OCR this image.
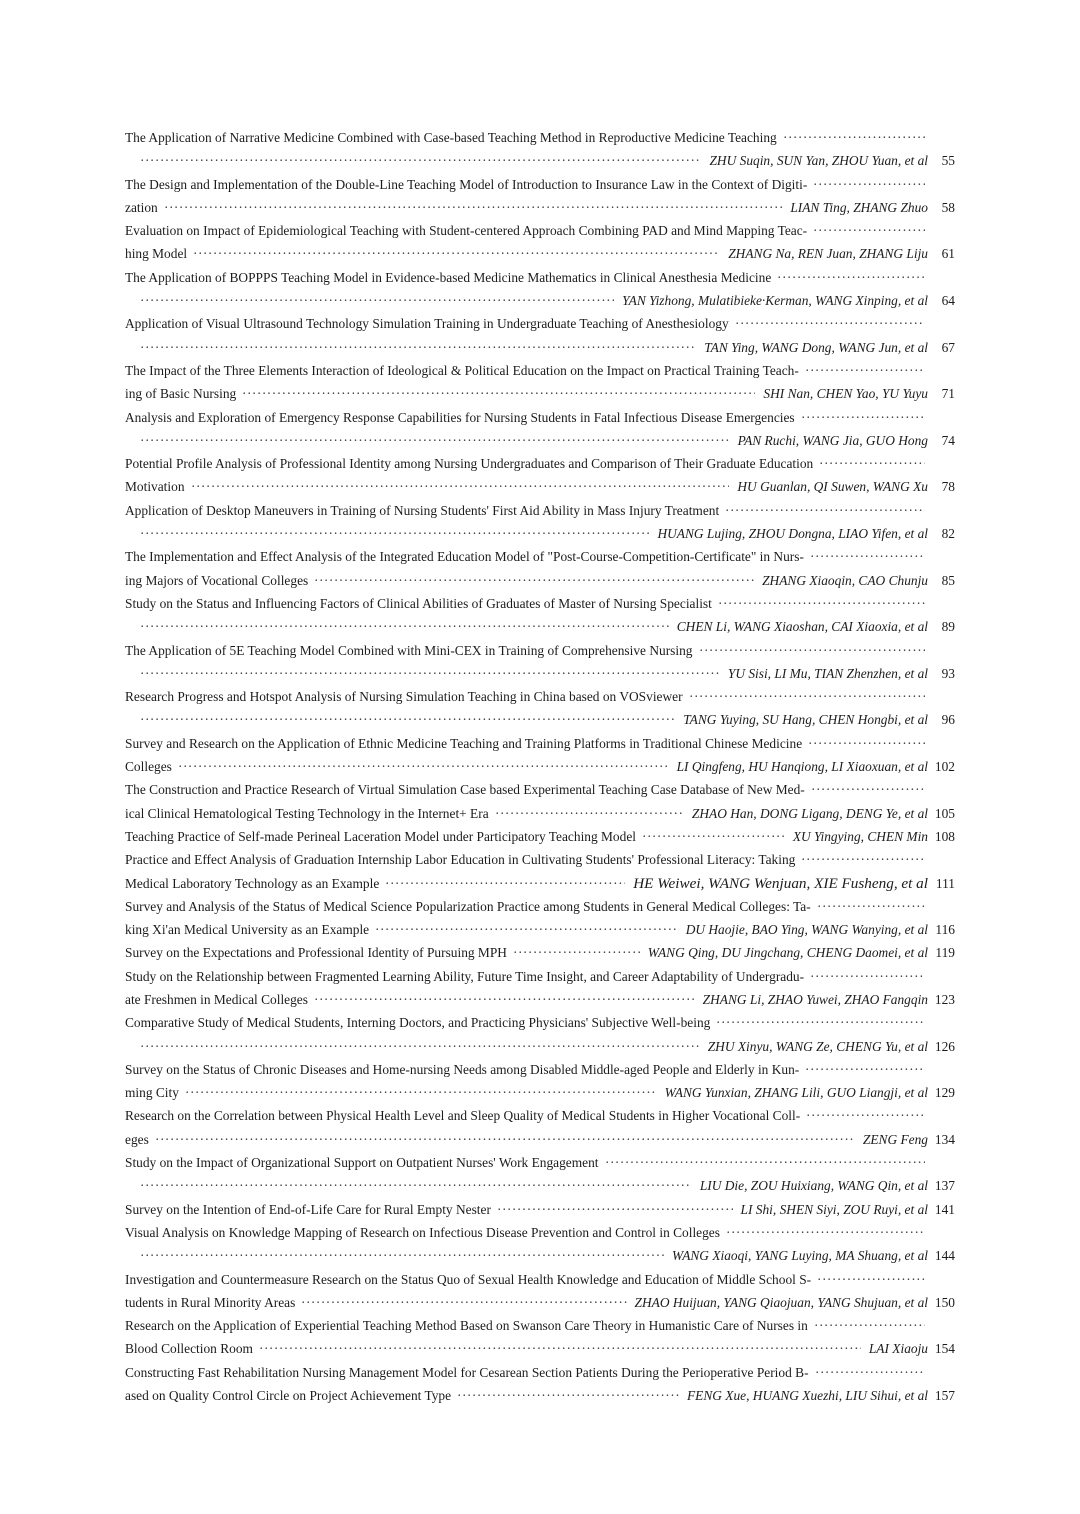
The Application of Narrative Medicine Combined with Case-based Teaching Method in Reproductive Medicine Teaching
·····
·····
ZHU Suqin, SUN Yan, ZHOU Yuan, et al	55
The Design and Implementation of the Double-Line Teaching Model of Introduction to Insurance Law in the Context of Digiti-
·····
zation ·····	LIAN Ting, ZHANG Zhuo	58
Evaluation on Impact of Epidemiological Teaching with Student-centered Approach Combining PAD and Mind Mapping Teac-
·····
hing Model ·····	ZHANG Na, REN Juan, ZHANG Liju	61
The Application of BOPPPS Teaching Model in Evidence-based Medicine Mathematics in Clinical Anesthesia Medicine
·····
·····
YAN Yizhong, Mulatibieke·Kerman, WANG Xinping, et al	64
Application of Visual Ultrasound Technology Simulation Training in Undergraduate Teaching of Anesthesiology
·····
·····
TAN Ying, WANG Dong, WANG Jun, et al	67
The Impact of the Three Elements Interaction of Ideological & Political Education on the Impact on Practical Training Teach-
·····
ing of Basic Nursing ·····	SHI Nan, CHEN Yao, YU Yuyu	71
Analysis and Exploration of Emergency Response Capabilities for Nursing Students in Fatal Infectious Disease Emergencies
·····
·····
PAN Ruchi, WANG Jia, GUO Hong	74
Potential Profile Analysis of Professional Identity among Nursing Undergraduates and Comparison of Their Graduate Education
·····
Motivation ·····	HU Guanlan, QI Suwen, WANG Xu	78
Application of Desktop Maneuvers in Training of Nursing Students' First Aid Ability in Mass Injury Treatment
·····
·····
HUANG Lujing, ZHOU Dongna, LIAO Yifen, et al	82
The Implementation and Effect Analysis of the Integrated Education Model of "Post-Course-Competition-Certificate" in Nurs-
·····
ing Majors of Vocational Colleges ·····	ZHANG Xiaoqin, CAO Chunju	85
Study on the Status and Influencing Factors of Clinical Abilities of Graduates of Master of Nursing Specialist
·····
·····
CHEN Li, WANG Xiaoshan, CAI Xiaoxia, et al	89
The Application of 5E Teaching Model Combined with Mini-CEX in Training of Comprehensive Nursing
·····
·····
YU Sisi, LI Mu, TIAN Zhenzhen, et al	93
Research Progress and Hotspot Analysis of Nursing Simulation Teaching in China based on VOSviewer
·····
·····
TANG Yuying, SU Hang, CHEN Hongbi, et al	96
Survey and Research on the Application of Ethnic Medicine Teaching and Training Platforms in Traditional Chinese Medicine
·····
Colleges ·····	LI Qingfeng, HU Hanqiong, LI Xiaoxuan, et al 102
The Construction and Practice Research of Virtual Simulation Case based Experimental Teaching Case Database of New Med-
·····
ical Clinical Hematological Testing Technology in the Internet+ Era ·····	ZHAO Han, DONG Ligang, DENG Ye, et al 105
Teaching Practice of Self-made Perineal Laceration Model under Participatory Teaching Model ·····	XU Yingying, CHEN Min 108
Practice and Effect Analysis of Graduation Internship Labor Education in Cultivating Students' Professional Literacy: Taking
·····
Medical Laboratory Technology as an Example ·····	HE Weiwei, WANG Wenjuan, XIE Fusheng, et al 111
Survey and Analysis of the Status of Medical Science Popularization Practice among Students in General Medical Colleges: Ta-
·····
king Xi'an Medical University as an Example ·····	DU Haojie, BAO Ying, WANG Wanying, et al 116
Survey on the Expectations and Professional Identity of Pursuing MPH ·····	WANG Qing, DU Jingchang, CHENG Daomei, et al 119
Study on the Relationship between Fragmented Learning Ability, Future Time Insight, and Career Adaptability of Undergradu-
·····
ate Freshmen in Medical Colleges ·····	ZHANG Li, ZHAO Yuwei, ZHAO Fangqin 123
Comparative Study of Medical Students, Interning Doctors, and Practicing Physicians' Subjective Well-being
·····
·····
ZHU Xinyu, WANG Ze, CHENG Yu, et al 126
Survey on the Status of Chronic Diseases and Home-nursing Needs among Disabled Middle-aged People and Elderly in Kun-
·····
ming City ·····	WANG Yunxian, ZHANG Lili, GUO Liangji, et al 129
Research on the Correlation between Physical Health Level and Sleep Quality of Medical Students in Higher Vocational Coll-
·····
eges ·····	ZENG Feng 134
Study on the Impact of Organizational Support on Outpatient Nurses' Work Engagement
·····
·····
LIU Die, ZOU Huixiang, WANG Qin, et al 137
Survey on the Intention of End-of-Life Care for Rural Empty Nester ·····	LI Shi, SHEN Siyi, ZOU Ruyi, et al 141
Visual Analysis on Knowledge Mapping of Research on Infectious Disease Prevention and Control in Colleges
·····
·····
WANG Xiaoqi, YANG Luying, MA Shuang, et al 144
Investigation and Countermeasure Research on the Status Quo of Sexual Health Knowledge and Education of Middle School S-
·····
tudents in Rural Minority Areas ·····	ZHAO Huijuan, YANG Qiaojuan, YANG Shujuan, et al 150
Research on the Application of Experiential Teaching Method Based on Swanson Care Theory in Humanistic Care of Nurses in
·····
Blood Collection Room ·····	LAI Xiaoju 154
Constructing Fast Rehabilitation Nursing Management Model for Cesarean Section Patients During the Perioperative Period B-
·····
ased on Quality Control Circle on Project Achievement Type ·····	FENG Xue, HUANG Xuezhi, LIU Sihui, et al 157
